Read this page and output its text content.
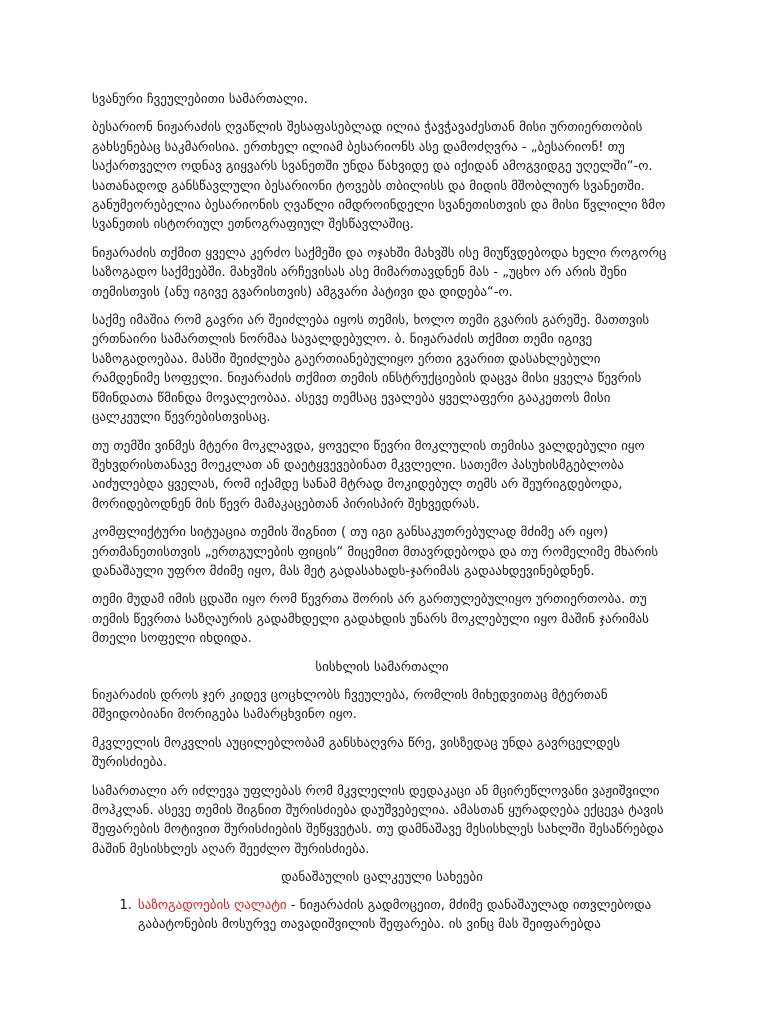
სვანური ჩვეულებითი სამართალი.

ბესარიონ ნიჟარაძის ღვაწლის შესაფასებლად ილია ჭავჭავაძესთან მისი ურთიერთობის გახსენებაც საკმარისია. ერთხელ ილიამ ბესარიონს ასე დამოძღვრა - „ბესარიონ! თუ საქართველო ოდნავ გიყვარს სვანეთში უნდა წახვიდე და იქიდან ამოგვიდგე უღელში“-ო. სათანადოდ განსწავლული ბესარიონი ტოვებს თბილისს და მიდის მშობლიურ სვანეთში. განუმეორებელია ბესარიონის ღვაწლი იმდროინდელი სვანეთისთვის და მისი წვლილი ზმო სვანეთის ისტორიულ ეთნოგრაფიულ შესწავლაშიც.

ნიჟარაძის თქმით ყველა კერძო საქმეში და ოჯახში მახვშს ისე მიუწვდებოდა ხელი როგორც საზოგადო საქმეებში. მახვშის არჩევისას ასე მიმართავდნენ მას - „უცხო არ არის შენი თემისთვის (ანუ იგივე გვარისთვის) ამგვარი პატივი და დიდება“-ო.

საქმე იმაშია რომ გავრი არ შეიძლება იყოს თემის, ხოლო თემი გვარის გარეშე. მათთვის ერთნაირი სამართლის ნორმაა სავალდებულო. ბ. ნიჟარაძის თქმით თემი იგივე საზოგადოებაა. მასში შეიძლება გაერთიანებულიყო ერთი გვარით დასახლებული რამდენიმე სოფელი. ნიჟარაძის თქმით თემის ინსტრუქციების დაცვა მისი ყველა წევრის წმინდათა წმინდა მოვალეობაა. ასევე თემსაც ევალება ყველაფერი გააკეთოს მისი ცალკეული წევრებისთვისაც.

თუ თემში ვინმეს მტერი მოკლავდა, ყოველი წევრი მოკლულის თემისა ვალდებული იყო შეხვდრისთანავე მოეკლათ ან დაეტყვევებინათ მკვლელი. სათემო პასუხისმგებლობა აიძულებდა ყველას, რომ იქამდე სანამ მტრად მოკიდებულ თემს არ შეურიგდებოდა, მორიდებოდნენ მის წევრ მამაკაცებთან პირისპირ შეხვედრას.

კომფლიქტური სიტუაცია თემის შიგნით ( თუ იგი განსაკუთრებულად მძიმე არ იყო) ერთმანეთისთვის „ერთგულების ფიცის“ მიცემით მთავრდებოდა და თუ რომელიმე მხარის დანაშაული უფრო მძიმე იყო, მას მეტ გადასახადს-ჯარიმას გადაახდევინებდნენ.

თემი მუდამ იმის ცდაში იყო რომ წევრთა შორის არ გართულებულიყო ურთიერთობა. თუ თემის წევრთა საზღაურის გადამხდელი გადახდის უნარს მოკლებული იყო მაშინ ჯარიმას მთელი სოფელი იხდიდა.

სისხლის სამართალი

ნიჟარაძის დროს ჯერ კიდევ ცოცხლობს ჩვეულება, რომლის მიხედვითაც მტერთან მშვიდობიანი მორიგება სამარცხვინო იყო.

მკვლელის მოკვლის აუცილებლობამ განსხაღვრა წრე, ვისზედაც უნდა გავრცელდეს შურისძიება.

სამართალი არ იძლევა უფლებას რომ მკვლელის დედაკაცი ან მცირეწლოვანი ვაჟიშვილი მოჰკლან. ასევე თემის შიგნით შურისძიება დაუშვებელია. ამასთან ყურადღება ექცევა ტავის შეფარების მოტივით შურისძიების შეწყვეტას. თუ დამნაშავე მესისხლეს სახლში შესაწრებდა მაშინ მესისხლეს აღარ შეეძლო შურისძიება.

დანაშაულის ცალკეული სახეები

1. საზოგადოების ღალატი - ნიჟარაძის გადმოცეით, მძიმე დანაშაულად ითვლებოდა გაბატონების მოსურვე თავადიშვილის შეფარება. ის ვინც მას შეიფარებდა
